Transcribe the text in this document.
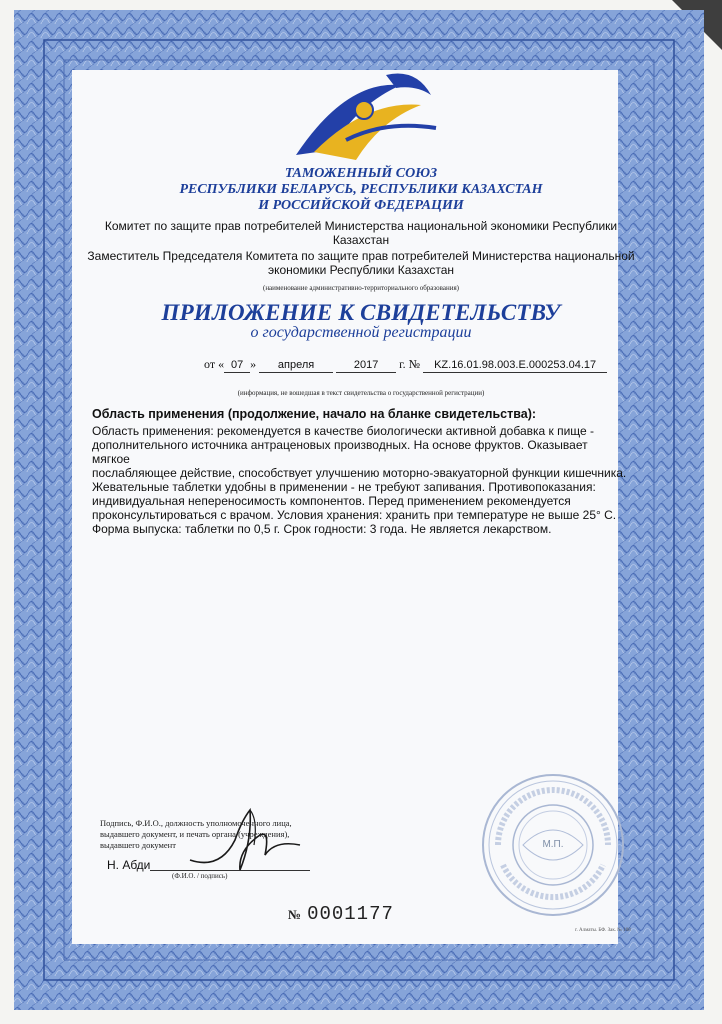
ТАМОЖЕННЫЙ СОЮЗ
РЕСПУБЛИКИ БЕЛАРУСЬ, РЕСПУБЛИКИ КАЗАХСТАН
И РОССИЙСКОЙ ФЕДЕРАЦИИ
Комитет по защите прав потребителей Министерства национальной экономики Республики
Казахстан
Заместитель Председателя Комитета по защите прав потребителей Министерства национальной
экономики Республики Казахстан
(наименование административно-территориального образования)
ПРИЛОЖЕНИЕ К СВИДЕТЕЛЬСТВУ
о государственной регистрации
от « 07 » апреля	2017 г. № KZ.16.01.98.003.Е.000253.04.17
(информация, не вошедшая в текст свидетельства о государственной регистрации)
Область применения (продолжение, начало на бланке свидетельства):
Область применения: рекомендуется в качестве биологически активной добавка к пище -
дополнительного источника антраценовых производных. На основе фруктов. Оказывает мягкое
послабляющее действие, способствует улучшению моторно-эвакуаторной функции кишечника.
Жевательные таблетки удобны в применении - не требуют запивания. Противопоказания:
индивидуальная непереносимость компонентов. Перед применением рекомендуется
проконсультироваться с врачом. Условия хранения: хранить при температуре не выше 25° С.
Форма выпуска: таблетки по 0,5 г. Срок годности: 3 года. Не является лекарством.
Подпись, Ф.И.О., должность уполномоченного лица,
выдавшего документ, и печать органа (учреждения),
выдавшего документ
Н. Абди
(Ф.И.О. / подпись)
№ 0001177
М.П.
г. Алматы. БФ. Зак. № 108
